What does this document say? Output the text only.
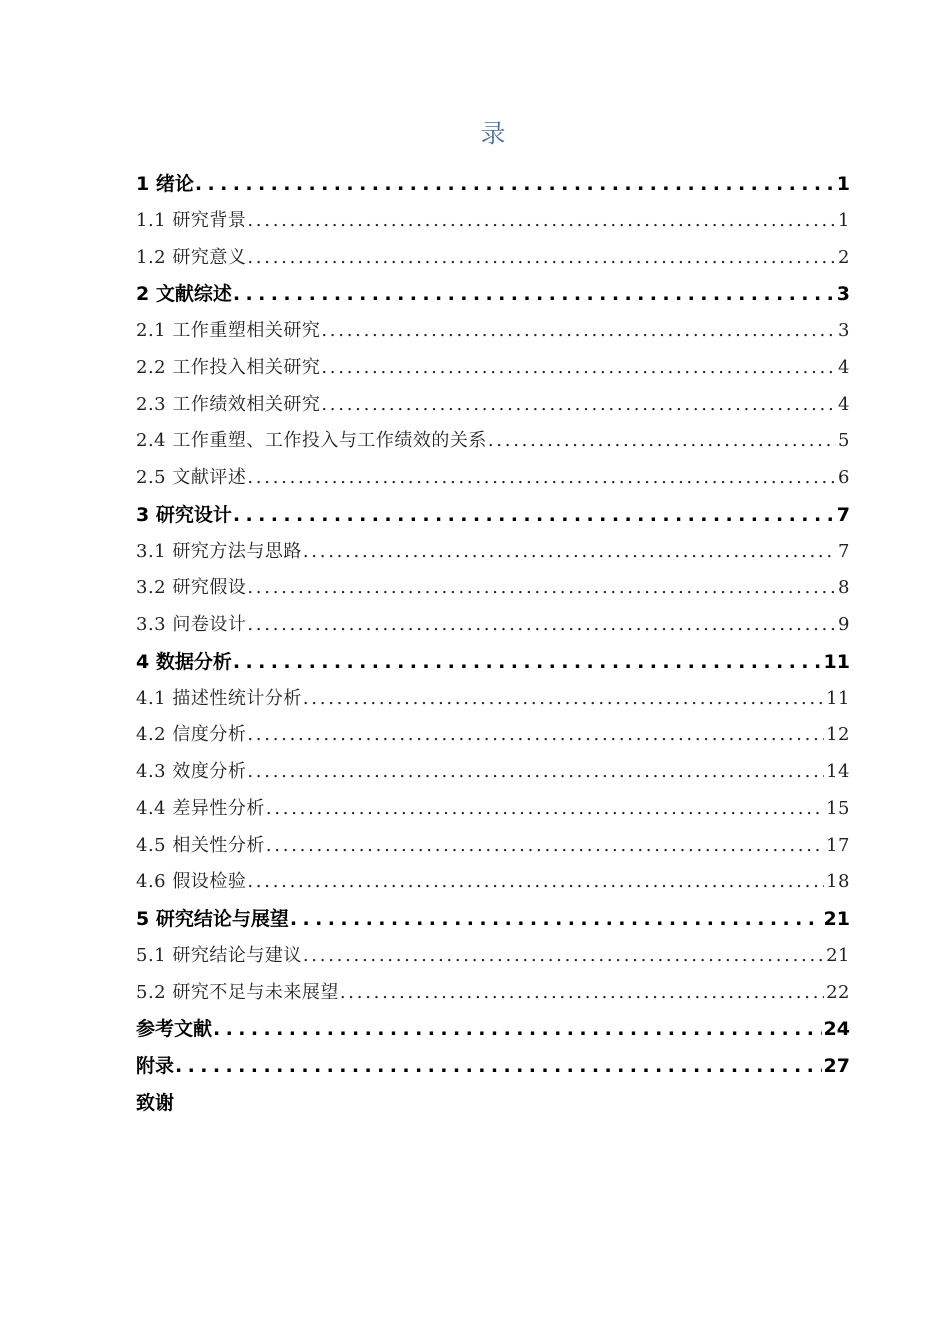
录
1 绪论 . . .	1
1.1 研究背景 . . .	1
1.2 研究意义 . . .	2
2 文献综述 . . .	3
2.1 工作重塑相关研究 . . .	3
2.2 工作投入相关研究 . . .	4
2.3 工作绩效相关研究 . . .	4
2.4 工作重塑、工作投入与工作绩效的关系 . . .	5
2.5 文献评述 . . .	6
3 研究设计 . . .	7
3.1 研究方法与思路 . . .	7
3.2 研究假设 . . .	8
3.3 问卷设计 . . .	9
4 数据分析 . . .	11
4.1 描述性统计分析 . . .	11
4.2 信度分析 . . .	12
4.3 效度分析 . . .	14
4.4 差异性分析 . . .	15
4.5 相关性分析 . . .	17
4.6 假设检验 . . .	18
5 研究结论与展望 . . .	21
5.1 研究结论与建议 . . .	21
5.2 研究不足与未来展望 . . .	22
参考文献 . . .	24
附录 . . .	27
致谢
